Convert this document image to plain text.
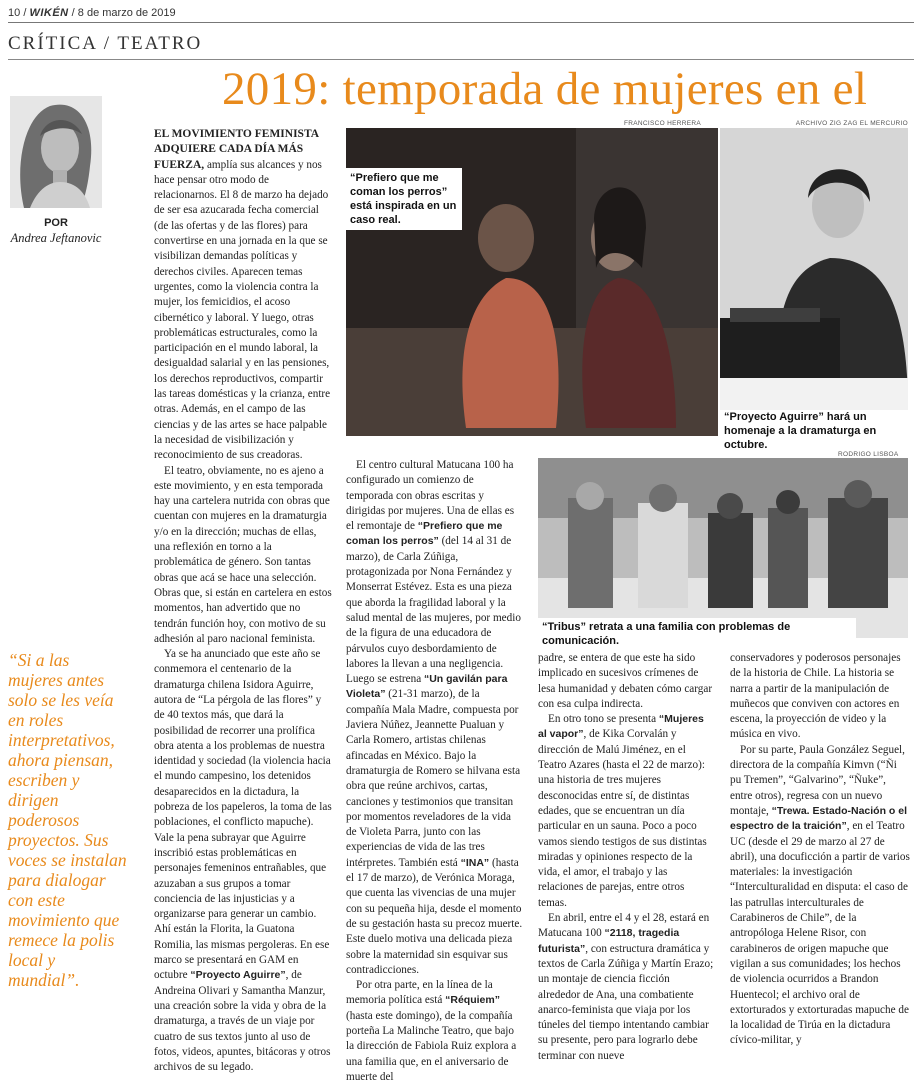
10 / WIKÉN / 8 de marzo de 2019
CRÍTICA / TEATRO
2019: temporada de mujeres en el
POR
Andrea Jeftanovic
“Si a las mujeres antes solo se les veía en roles interpretativos, ahora piensan, escriben y dirigen poderosos proyectos. Sus voces se instalan para dialogar con este movimiento que remece la polis local y mundial”.
FRANCISCO HERRERA	ARCHIVO ZIG ZAG EL MERCURIO
“Prefiero que me coman los perros” está inspirada en un caso real.
“Proyecto Aguirre” hará un homenaje a la dramaturga en octubre.
RODRIGO LISBOA
“Tribus” retrata a una familia con problemas de comunicación.

EL MOVIMIENTO FEMINISTA ADQUIERE CADA DÍA MÁS FUERZA, amplía sus alcances y nos hace pensar otro modo de relacionarnos. El 8 de marzo ha dejado de ser esa azucarada fecha comercial (de las ofertas y de las flores) para convertirse en una jornada en la que se visibilizan demandas políticas y derechos civiles. Aparecen temas urgentes, como la violencia contra la mujer, los femicidios, el acoso cibernético y laboral. Y luego, otras problemáticas estructurales, como la participación en el mundo laboral, la desigualdad salarial y en las pensiones, los derechos reproductivos, compartir las tareas domésticas y la crianza, entre otras. Además, en el campo de las ciencias y de las artes se hace palpable la necesidad de visibilización y reconocimiento de sus creadoras.

El teatro, obviamente, no es ajeno a este movimiento, y en esta temporada hay una cartelera nutrida con obras que cuentan con mujeres en la dramaturgia y/o en la dirección; muchas de ellas, una reflexión en torno a la problemática de género. Son tantas obras que acá se hace una selección. Obras que, si están en cartelera en estos momentos, han advertido que no tendrán función hoy, con motivo de su adhesión al paro nacional feminista.

Ya se ha anunciado que este año se conmemora el centenario de la dramaturga chilena Isidora Aguirre, autora de “La pérgola de las flores” y de 40 textos más, que dará la posibilidad de recorrer una prolífica obra atenta a los problemas de nuestra identidad y sociedad (la violencia hacia el mundo campesino, los detenidos desaparecidos en la dictadura, la pobreza de los papeleros, la toma de las poblaciones, el conflicto mapuche). Vale la pena subrayar que Aguirre inscribió estas problemáticas en personajes femeninos entrañables, que azuzaban a sus grupos a tomar conciencia de las injusticias y a organizarse para generar un cambio. Ahí están la Florita, la Guatona Romilia, las mismas pergoleras. En ese marco se presentará en GAM en octubre “Proyecto Aguirre”, de Andreina Olivari y Samantha Manzur, una creación sobre la vida y obra de la dramaturga, a través de un viaje por cuatro de sus textos junto al uso de fotos, videos, apuntes, bitácoras y otros archivos de su legado.

El centro cultural Matucana 100 ha configurado un comienzo de temporada con obras escritas y dirigidas por mujeres. Una de ellas es el remontaje de “Prefiero que me coman los perros” (del 14 al 31 de marzo), de Carla Zúñiga, protagonizada por Nona Fernández y Monserrat Estévez. Esta es una pieza que aborda la fragilidad laboral y la salud mental de las mujeres, por medio de la figura de una educadora de párvulos cuyo desbordamiento de labores la llevan a una negligencia. Luego se estrena “Un gavilán para Violeta” (21-31 marzo), de la compañía Mala Madre, compuesta por Javiera Núñez, Jeannette Pualuan y Carla Romero, artistas chilenas afincadas en México. Bajo la dramaturgia de Romero se hilvana esta obra que reúne archivos, cartas, canciones y testimonios que transitan por momentos reveladores de la vida de Violeta Parra, junto con las experiencias de vida de las tres intérpretes. También está “INA” (hasta el 17 de marzo), de Verónica Moraga, que cuenta las vivencias de una mujer con su pequeña hija, desde el momento de su gestación hasta su precoz muerte. Este duelo motiva una delicada pieza sobre la maternidad sin esquivar sus contradicciones.

Por otra parte, en la línea de la memoria política está “Réquiem” (hasta este domingo), de la compañía porteña La Malinche Teatro, que bajo la dirección de Fabiola Ruiz explora a una familia que, en el aniversario de muerte del

padre, se entera de que este ha sido implicado en sucesivos crímenes de lesa humanidad y debaten cómo cargar con esa culpa indirecta.

En otro tono se presenta “Mujeres al vapor”, de Kika Corvalán y dirección de Malú Jiménez, en el Teatro Azares (hasta el 22 de marzo): una historia de tres mujeres desconocidas entre sí, de distintas edades, que se encuentran un día particular en un sauna. Poco a poco vamos siendo testigos de sus distintas miradas y opiniones respecto de la vida, el amor, el trabajo y las relaciones de parejas, entre otros temas.

En abril, entre el 4 y el 28, estará en Matucana 100 “2118, tragedia futurista”, con estructura dramática y textos de Carla Zúñiga y Martín Erazo; un montaje de ciencia ficción alrededor de Ana, una combatiente anarco-feminista que viaja por los túneles del tiempo intentando cambiar su presente, pero para lograrlo debe terminar con nueve

conservadores y poderosos personajes de la historia de Chile. La historia se narra a partir de la manipulación de muñecos que conviven con actores en escena, la proyección de video y la música en vivo.

Por su parte, Paula González Seguel, directora de la compañía Kimvn (“Ñi pu Tremen”, “Galvarino”, “Ñuke”, entre otros), regresa con un nuevo montaje, “Trewa. Estado-Nación o el espectro de la traición”, en el Teatro UC (desde el 29 de marzo al 27 de abril), una docuficción a partir de varios materiales: la investigación “Interculturalidad en disputa: el caso de las patrullas interculturales de Carabineros de Chile”, de la antropóloga Helene Risor, con carabineros de origen mapuche que vigilan a sus comunidades; los hechos de violencia ocurridos a Brandon Huentecol; el archivo oral de extorturados y extorturadas mapuche de la localidad de Tirúa en la dictadura cívico-militar, y
